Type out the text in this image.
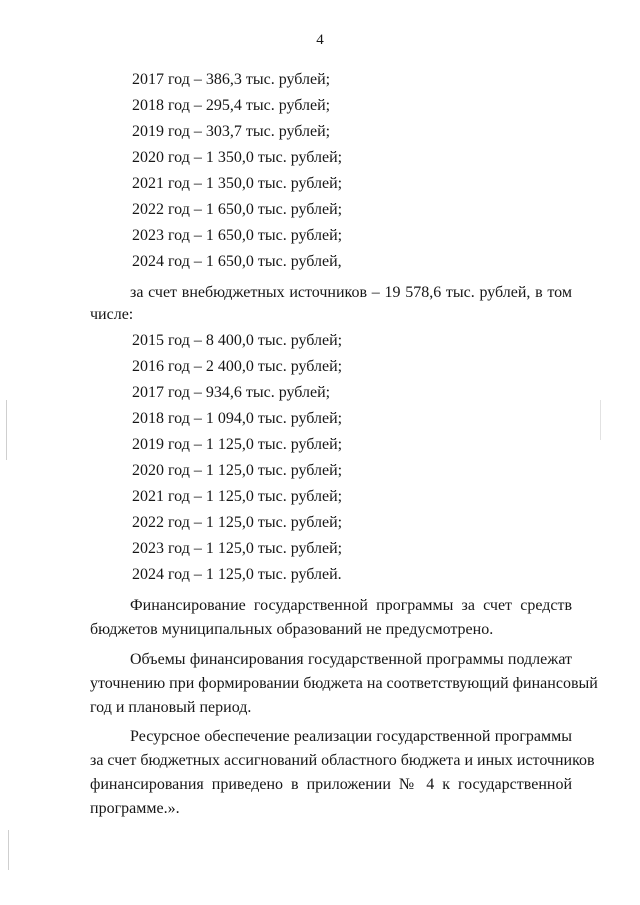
4
2017 год – 386,3 тыс. рублей;
2018 год – 295,4 тыс. рублей;
2019 год – 303,7 тыс. рублей;
2020 год – 1 350,0 тыс. рублей;
2021 год – 1 350,0 тыс. рублей;
2022 год – 1 650,0 тыс. рублей;
2023 год – 1 650,0 тыс. рублей;
2024 год – 1 650,0 тыс. рублей,
за счет внебюджетных источников – 19 578,6 тыс. рублей, в том
числе:
2015 год – 8 400,0 тыс. рублей;
2016 год – 2 400,0 тыс. рублей;
2017 год – 934,6 тыс. рублей;
2018 год – 1 094,0 тыс. рублей;
2019 год – 1 125,0 тыс. рублей;
2020 год – 1 125,0 тыс. рублей;
2021 год – 1 125,0 тыс. рублей;
2022 год – 1 125,0 тыс. рублей;
2023 год – 1 125,0 тыс. рублей;
2024 год – 1 125,0 тыс. рублей.
Финансирование государственной программы за счет средств
бюджетов муниципальных образований не предусмотрено.
Объемы финансирования государственной программы подлежат
уточнению при формировании бюджета на соответствующий финансовый
год и плановый период.
Ресурсное обеспечение реализации государственной программы
за счет бюджетных ассигнований областного бюджета и иных источников
финансирования приведено в приложении № 4 к государственной
программе.».
